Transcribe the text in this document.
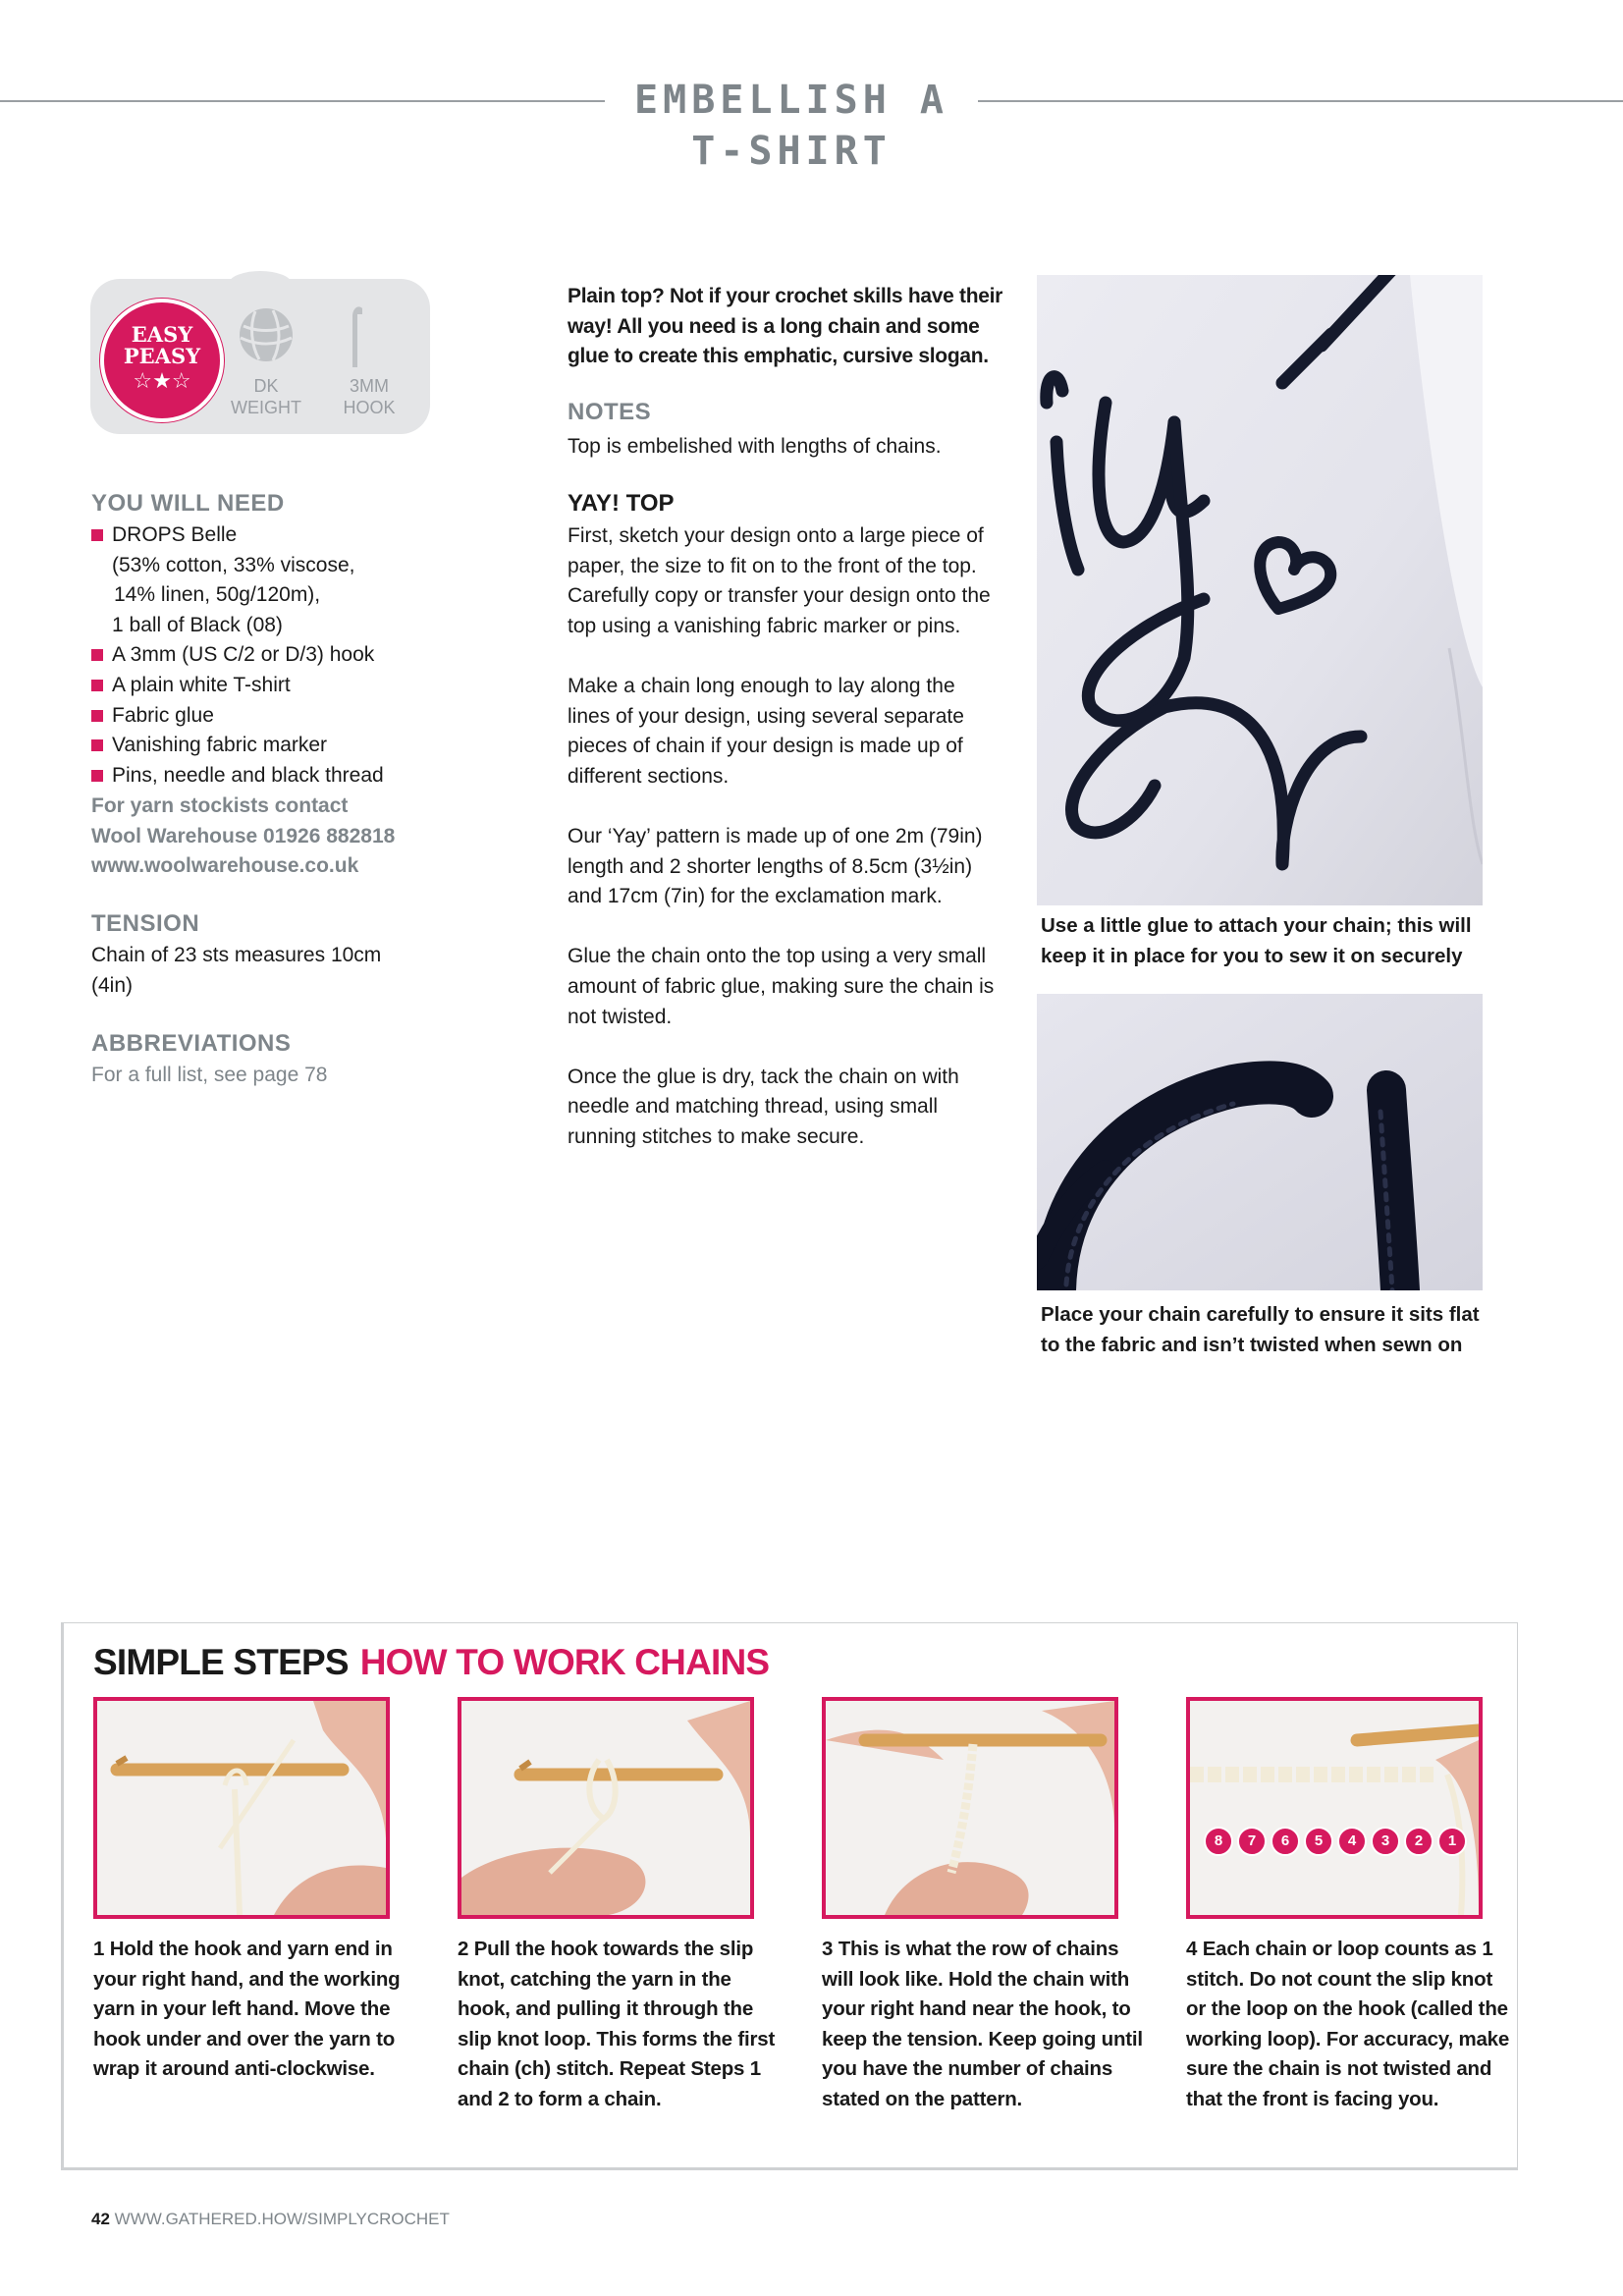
EMBELLISH A T-SHIRT
EASY
PEASY
☆★☆	DK
WEIGHT
3MM
HOOK
YOU WILL NEED
DROPS Belle
(53% cotton, 33% viscose,
14% linen, 50g/120m),
1 ball of Black (08)
A 3mm (US C/2 or D/3) hook
A plain white T-shirt
Fabric glue
Vanishing fabric marker
Pins, needle and black thread
For yarn stockists contact
Wool Warehouse 01926 882818
www.woolwarehouse.co.uk
TENSION
Chain of 23 sts measures 10cm (4in)
ABBREVIATIONS
For a full list, see page 78
Plain top? Not if your crochet skills have their way! All you need is a long chain and some glue to create this emphatic, cursive slogan.
NOTES
Top is embelished with lengths of chains.
YAY! TOP

First, sketch your design onto a large piece of paper, the size to fit on to the front of the top. Carefully copy or transfer your design onto the top using a vanishing fabric marker or pins.

Make a chain long enough to lay along the lines of your design, using several separate pieces of chain if your design is made up of different sections.

Our ‘Yay’ pattern is made up of one 2m (79in) length and 2 shorter lengths of 8.5cm (3½in) and 17cm (7in) for the exclamation mark.

Glue the chain onto the top using a very small amount of fabric glue, making sure the chain is not twisted.

Once the glue is dry, tack the chain on with needle and matching thread, using small running stitches to make secure.

Use a little glue to attach your chain; this will keep it in place for you to sew it on securely
Place your chain carefully to ensure it sits flat to the fabric and isn’t twisted when sewn on
SIMPLE STEPS HOW TO WORK CHAINS
8	7	6	5	4	3	2	1
1 Hold the hook and yarn end in your right hand, and the working yarn in your left hand. Move the hook under and over the yarn to wrap it around anti-clockwise.
2 Pull the hook towards the slip knot, catching the yarn in the hook, and pulling it through the slip knot loop. This forms the first chain (ch) stitch. Repeat Steps 1 and 2 to form a chain.
3 This is what the row of chains will look like. Hold the chain with your right hand near the hook, to keep the tension. Keep going until you have the number of chains stated on the pattern.
4 Each chain or loop counts as 1 stitch. Do not count the slip knot or the loop on the hook (called the working loop). For accuracy, make sure the chain is not twisted and that the front is facing you.
42 WWW.GATHERED.HOW/SIMPLYCROCHET
